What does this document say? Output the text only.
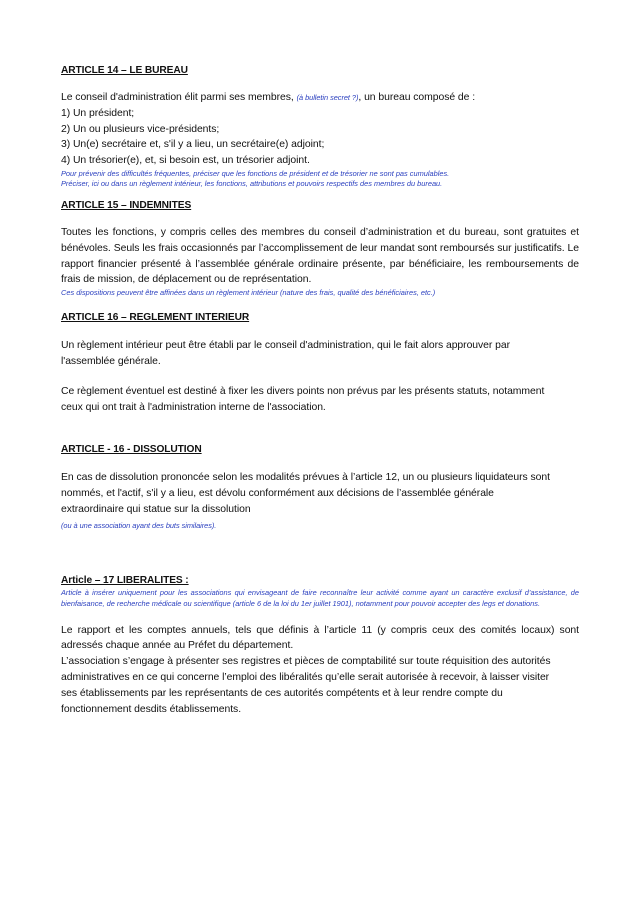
ARTICLE 14 – LE BUREAU

Le conseil d'administration élit parmi ses membres, (à bulletin secret ?), un bureau composé de :

1) Un président;
2) Un ou plusieurs vice-présidents;
3) Un(e) secrétaire et, s'il y a lieu, un secrétaire(e) adjoint;
4) Un trésorier(e), et, si besoin est, un trésorier adjoint.

Pour prévenir des difficultés fréquentes, préciser que les fonctions de président et de trésorier ne sont pas cumulables.

Préciser, ici ou dans un règlement intérieur, les fonctions, attributions et pouvoirs respectifs des membres du bureau.

ARTICLE 15 – INDEMNITES

Toutes les fonctions, y compris celles des membres du conseil d’administration et du bureau, sont gratuites et bénévoles. Seuls les frais occasionnés par l’accomplissement de leur mandat sont remboursés sur justificatifs. Le rapport financier présenté à l’assemblée générale ordinaire présente, par bénéficiaire, les remboursements de frais de mission, de déplacement ou de représentation.

Ces dispositions peuvent être affinées dans un règlement intérieur (nature des frais, qualité des bénéficiaires, etc.)

ARTICLE 16 – REGLEMENT INTERIEUR

Un règlement intérieur peut être établi par le conseil d'administration, qui le fait alors approuver par
l'assemblée générale.

Ce règlement éventuel est destiné à fixer les divers points non prévus par les présents statuts, notamment
ceux qui ont trait à l'administration interne de l'association.

ARTICLE - 16 - DISSOLUTION

En cas de dissolution prononcée selon les modalités prévues à l’article 12, un ou plusieurs liquidateurs sont
nommés, et l'actif, s'il y a lieu, est dévolu conformément aux décisions de l’assemblée générale
extraordinaire qui statue sur la dissolution
(ou à une association ayant des buts similaires).

Article – 17 LIBERALITES :

Article à insérer uniquement pour les associations qui envisageant de faire reconnaître leur activité comme ayant un caractère exclusif d’assistance, de bienfaisance, de recherche médicale ou scientifique (article 6 de la loi du 1er juillet 1901), notamment pour pouvoir accepter des legs et donations.

Le rapport et les comptes annuels, tels que définis à l’article 11 (y compris ceux des comités locaux) sont adressés chaque année au Préfet du département.

L’association s’engage à présenter ses registres et pièces de comptabilité sur toute réquisition des autorités
administratives en ce qui concerne l’emploi des libéralités qu’elle serait autorisée à recevoir, à laisser visiter
ses établissements par les représentants de ces autorités compétents et à leur rendre compte du
fonctionnement desdits établissements.
